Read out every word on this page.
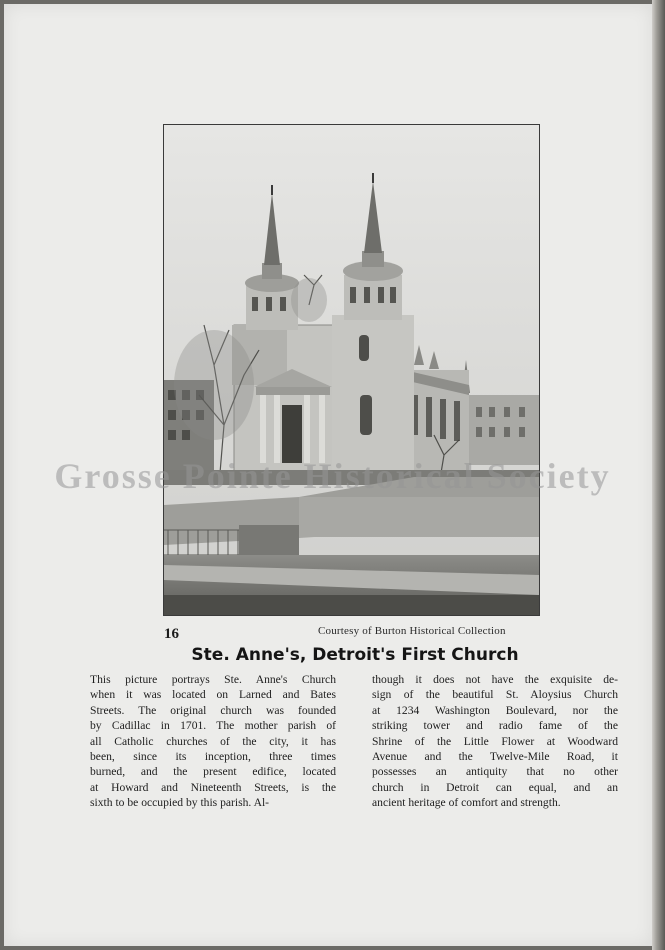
Grosse Pointe Historical Society
16	Courtesy of Burton Historical Collection
Ste. Anne's, Detroit's First Church
This picture portrays Ste. Anne's Church
when it was located on Larned and Bates
Streets. The original church was founded
by Cadillac in 1701. The mother parish of
all Catholic churches of the city, it has
been, since its inception, three times
burned, and the present edifice, located
at Howard and Nineteenth Streets, is the
sixth to be occupied by this parish. Al-
though it does not have the exquisite de-
sign of the beautiful St. Aloysius Church
at 1234 Washington Boulevard, nor the
striking tower and radio fame of the
Shrine of the Little Flower at Woodward
Avenue and the Twelve-Mile Road, it
possesses an antiquity that no other
church in Detroit can equal, and an
ancient heritage of comfort and strength.
